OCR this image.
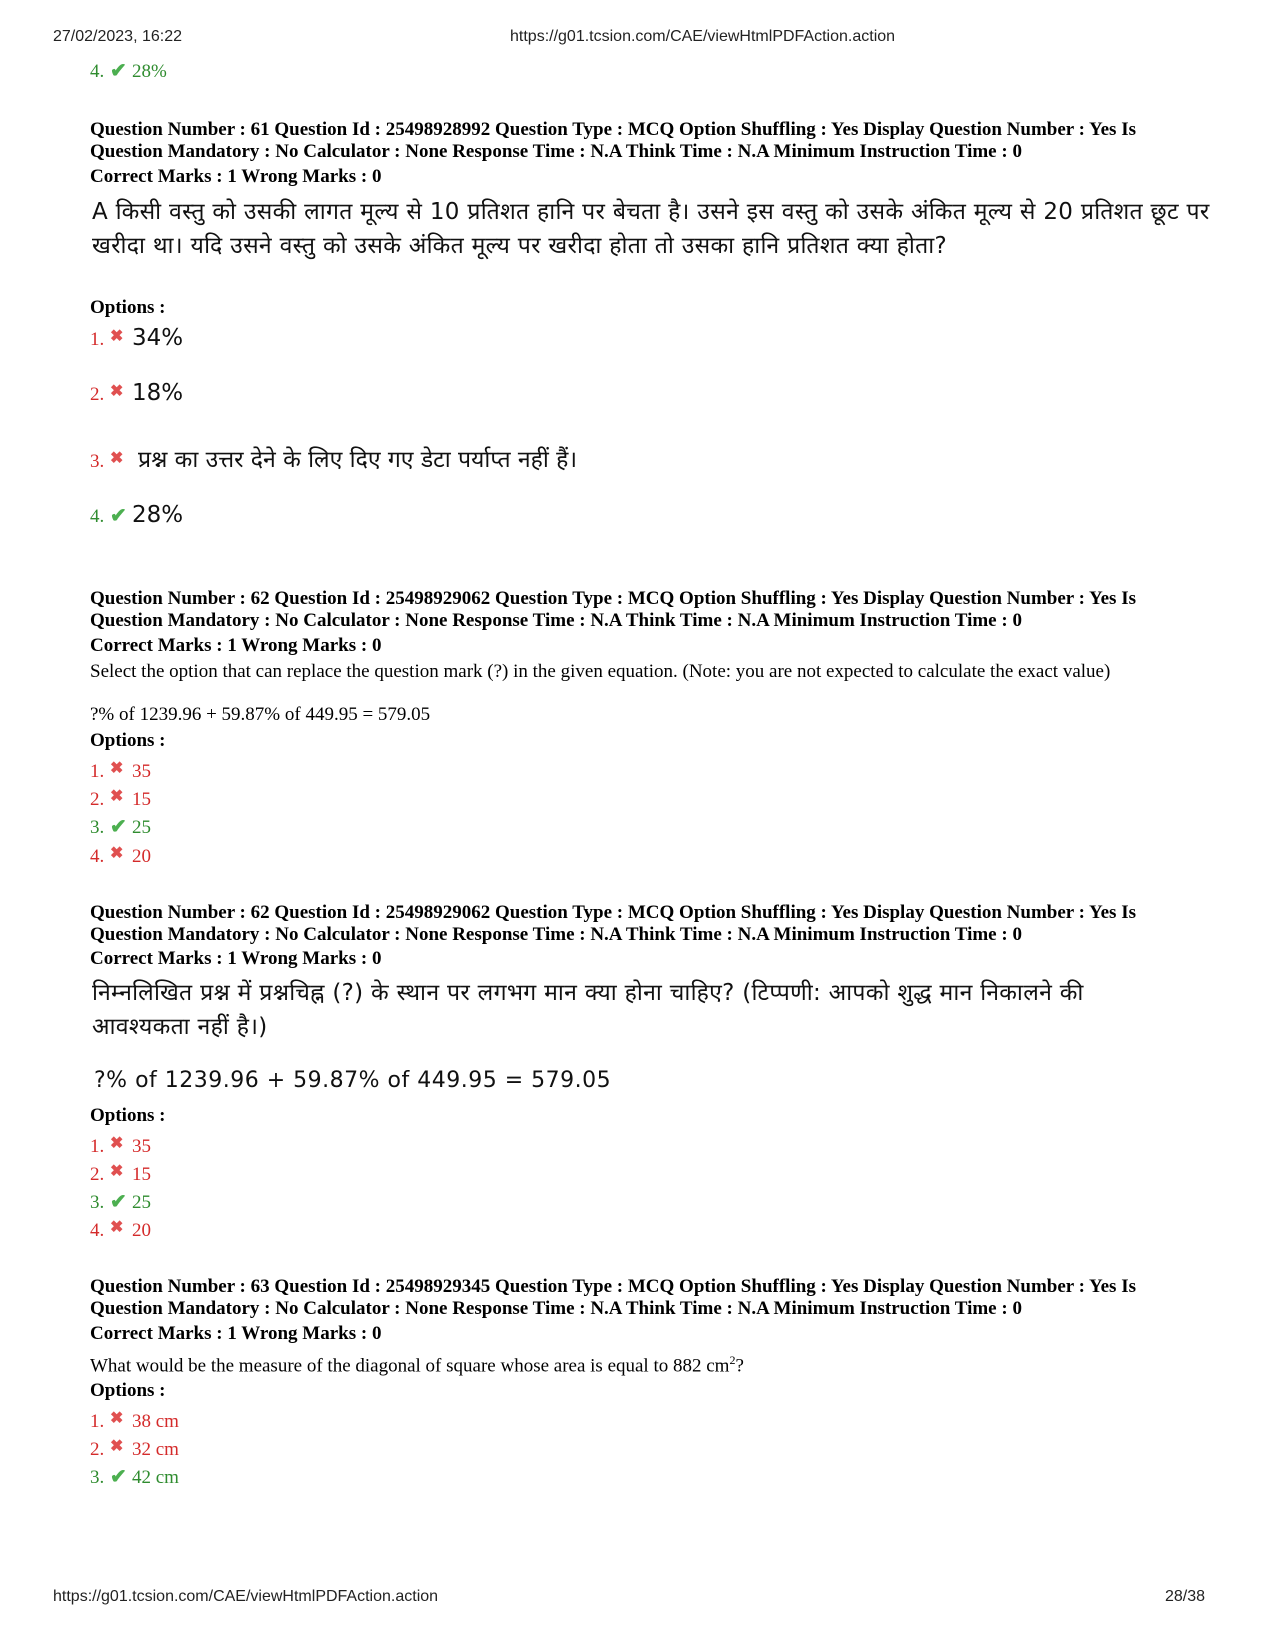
27/02/2023, 16:22	https://g01.tcsion.com/CAE/viewHtmlPDFAction.action
4. ✔ 28%
Question Number : 61 Question Id : 25498928992 Question Type : MCQ Option Shuffling : Yes Display Question Number : Yes Is Question Mandatory : No Calculator : None Response Time : N.A Think Time : N.A Minimum Instruction Time : 0
Correct Marks : 1 Wrong Marks : 0
A किसी वस्तु को उसकी लागत मूल्य से 10 प्रतिशत हानि पर बेचता है। उसने इस वस्तु को उसके अंकित मूल्य से 20 प्रतिशत छूट पर खरीदा था। यदि उसने वस्तु को उसके अंकित मूल्य पर खरीदा होता तो उसका हानि प्रतिशत क्या होता?
Options :
1. ✖ 34%
2. ✖ 18%
3. ✖ प्रश्न का उत्तर देने के लिए दिए गए डेटा पर्याप्त नहीं हैं।
4. ✔ 28%
Question Number : 62 Question Id : 25498929062 Question Type : MCQ Option Shuffling : Yes Display Question Number : Yes Is Question Mandatory : No Calculator : None Response Time : N.A Think Time : N.A Minimum Instruction Time : 0
Correct Marks : 1 Wrong Marks : 0
Select the option that can replace the question mark (?) in the given equation. (Note: you are not expected to calculate the exact value)
?% of 1239.96 + 59.87% of 449.95 = 579.05
Options :
1. ✖ 35
2. ✖ 15
3. ✔ 25
4. ✖ 20
Question Number : 62 Question Id : 25498929062 Question Type : MCQ Option Shuffling : Yes Display Question Number : Yes Is Question Mandatory : No Calculator : None Response Time : N.A Think Time : N.A Minimum Instruction Time : 0
Correct Marks : 1 Wrong Marks : 0
निम्नलिखित प्रश्न में प्रश्नचिह्न (?) के स्थान पर लगभग मान क्या होना चाहिए? (टिप्पणी: आपको शुद्ध मान निकालने की आवश्यकता नहीं है।)
?% of 1239.96 + 59.87% of 449.95 = 579.05
Options :
1. ✖ 35
2. ✖ 15
3. ✔ 25
4. ✖ 20
Question Number : 63 Question Id : 25498929345 Question Type : MCQ Option Shuffling : Yes Display Question Number : Yes Is Question Mandatory : No Calculator : None Response Time : N.A Think Time : N.A Minimum Instruction Time : 0
Correct Marks : 1 Wrong Marks : 0
What would be the measure of the diagonal of square whose area is equal to 882 $cm^2$?
Options :
1. ✖ 38 cm
2. ✖ 32 cm
3. ✔ 42 cm
https://g01.tcsion.com/CAE/viewHtmlPDFAction.action	28/38
